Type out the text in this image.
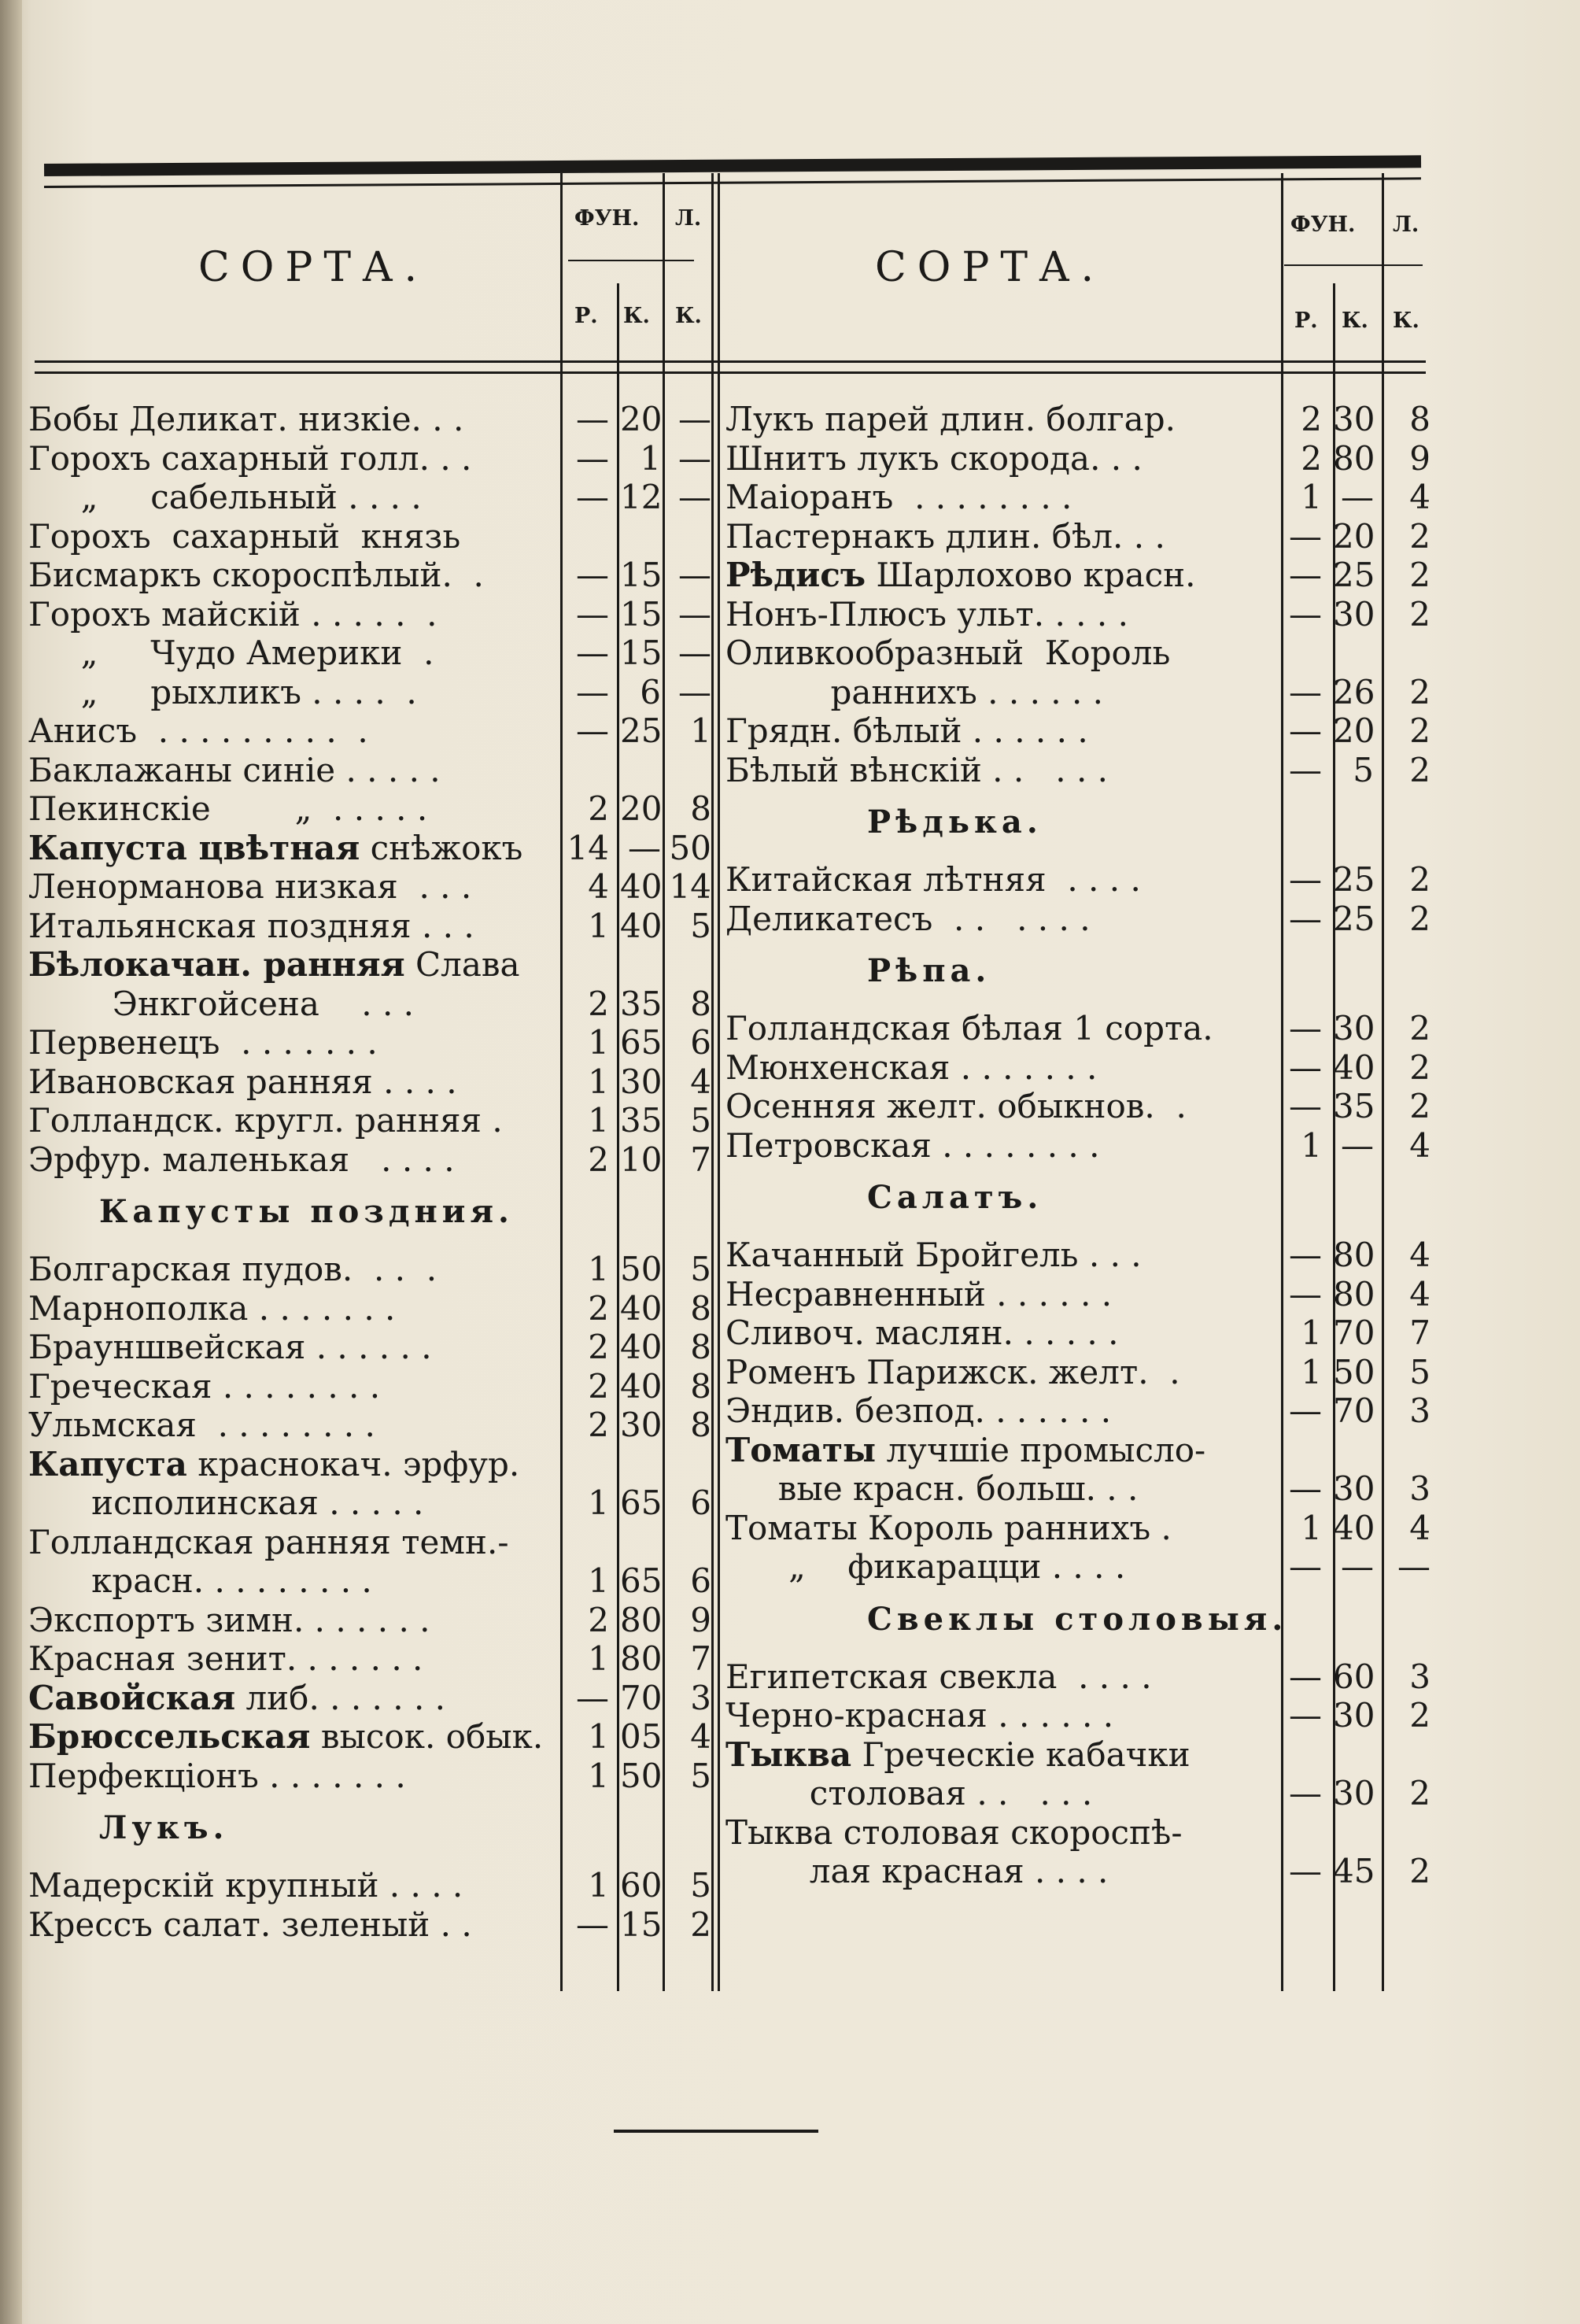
СОРТА.
ФУН. Л.
Р. К. К.
СОРТА.
ФУН. Л.
Р. К. К.
Бобы Деликат. низкie. . .	— 20 —
Горохъ сахарный голл. . .	— 1 —
„     сабельный . . . .	— 12 —
Горохъ  сахарный  князь
Бисмаркъ скороспѣлый.  .	— 15 —
Горохъ майскiй . . . . .  .	— 15 —
„     Чудо Америки  .	— 15 —
„     рыхликъ . . . .  .	— 6 —
Анисъ  . . . . . . . . .  .	— 25 1
Баклажаны синie . . . . .
Пекинскie        „  . . . . .	2 20 8
Капуста цвѣтная снѣжокъ 14 — 50
Ленорманова низкая  . . .	4 40 14
Итальянская поздняя . . .	1 40 5
Бѣлокачан. ранняя Слава
Энкгойсена    . . .	2 35 8
Первенецъ  . . . . . . .	1 65 6
Ивановская ранняя . . . .	1 30 4
Голландск. кругл. ранняя .	1 35 5
Эрфур. маленькая   . . . .	2 10 7
Капусты поздния.
Болгарская пудов.  . .  .	1 50 5
Марнополка . . . . . . .	2 40 8
Брауншвейская . . . . . .	2 40 8
Греческая . . . . . . . .	2 40 8
Ульмская  . . . . . . . .	2 30 8
Капуста краснокач. эрфур.
исполинская . . . . .	1 65 6
Голландская ранняя темн.-
красн. . . . . . . . .	1 65 6
Экспортъ зимн. . . . . . .	2 80 9
Красная зенит. . . . . . .	1 80 7
Савойская либ. . . . . . .	— 70 3
Брюссельская высок. обык.	1 05 4
Перфекцiонъ . . . . . . .	1 50 5
Лукъ.
Мадерскiй крупный . . . .	1 60 5
Крессъ салат. зеленый . .	— 15 2
Лукъ парей длин. болгар.	2 30	8
Шнитъ лукъ скорода. . .	2 80	9
Маiоранъ  . . . . . . . .	1 —	4
Пастернакъ длин. бѣл. . .	— 20	2
Рѣдисъ Шарлохово красн.	— 25	2
Нонъ-Плюсъ ульт. . . . .	— 30	2
Оливкообразный  Король
раннихъ . . . . . .	— 26	2
Грядн. бѣлый . . . . . .	— 20	2
Бѣлый вѣнскiй . .   . . .	— 5	2
Рѣдька.
Китайская лѣтняя  . . . .	— 25	2
Деликатесъ  . .   . . . .	— 25	2
Рѣпа.
Голландская бѣлая 1 сорта.	— 30	2
Мюнхенская . . . . . . .	— 40	2
Осенняя желт. обыкнов.  .	— 35	2
Петровская . . . . . . . .	1 —	4
Салатъ.
Качанный Бройгель . . .	— 80	4
Несравненный . . . . . .	— 80	4
Сливоч. маслян. . . . . .	1 70	7
Роменъ Парижск. желт.  .	1 50	5
Эндив. безпод. . . . . . .	— 70	3
Томаты лучшie промысло-
вые красн. больш. . .	— 30	3
Томаты Король раннихъ .	1 40	4
„    фикарацци . . . .	— — —
Свеклы столовыя.
Египетская свекла  . . . .	— 60	3
Черно-красная . . . . . .	— 30	2
Тыква Греческie кабачки
столовая . .   . . .	— 30	2
Тыква столовая скороспѣ-
лая красная . . . .	— 45	2
